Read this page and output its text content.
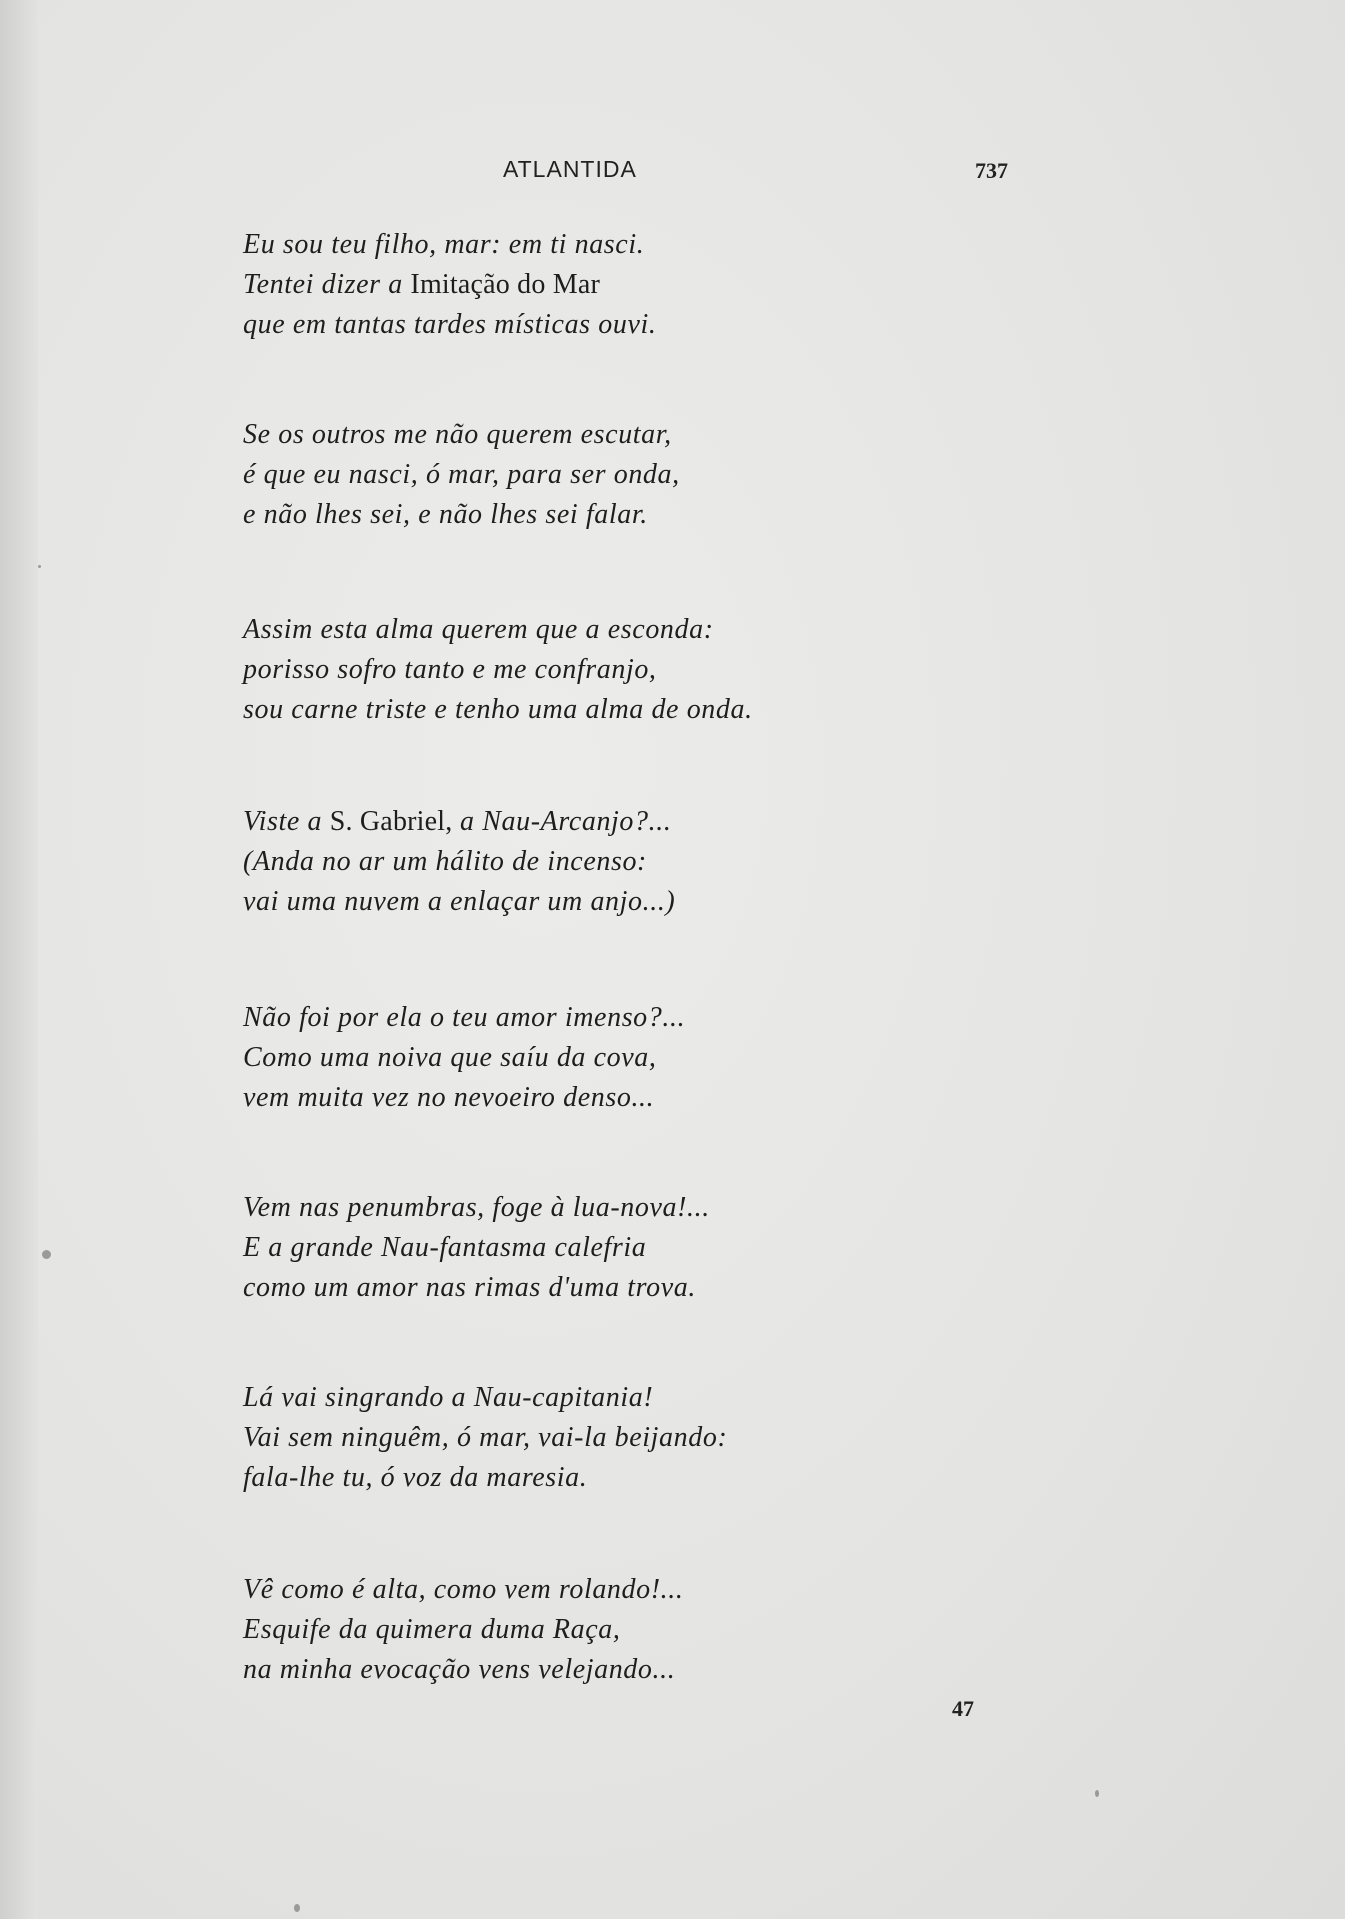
ATLANTIDA	737
Eu sou teu filho, mar: em ti nasci.
Tentei dizer a Imitação do Mar
que em tantas tardes místicas ouvi.
Se os outros me não querem escutar,
é que eu nasci, ó mar, para ser onda,
e não lhes sei, e não lhes sei falar.
Assim esta alma querem que a esconda:
porisso sofro tanto e me confranjo,
sou carne triste e tenho uma alma de onda.
Viste a S. Gabriel, a Nau-Arcanjo?...
(Anda no ar um hálito de incenso:
vai uma nuvem a enlaçar um anjo...)
Não foi por ela o teu amor imenso?...
Como uma noiva que saíu da cova,
vem muita vez no nevoeiro denso...
Vem nas penumbras, foge à lua-nova!...
E a grande Nau-fantasma calefria
como um amor nas rimas d'uma trova.
Lá vai singrando a Nau-capitania!
Vai sem ninguêm, ó mar, vai-la beijando:
fala-lhe tu, ó voz da maresia.
Vê como é alta, como vem rolando!...
Esquife da quimera duma Raça,
na minha evocação vens velejando...
47
